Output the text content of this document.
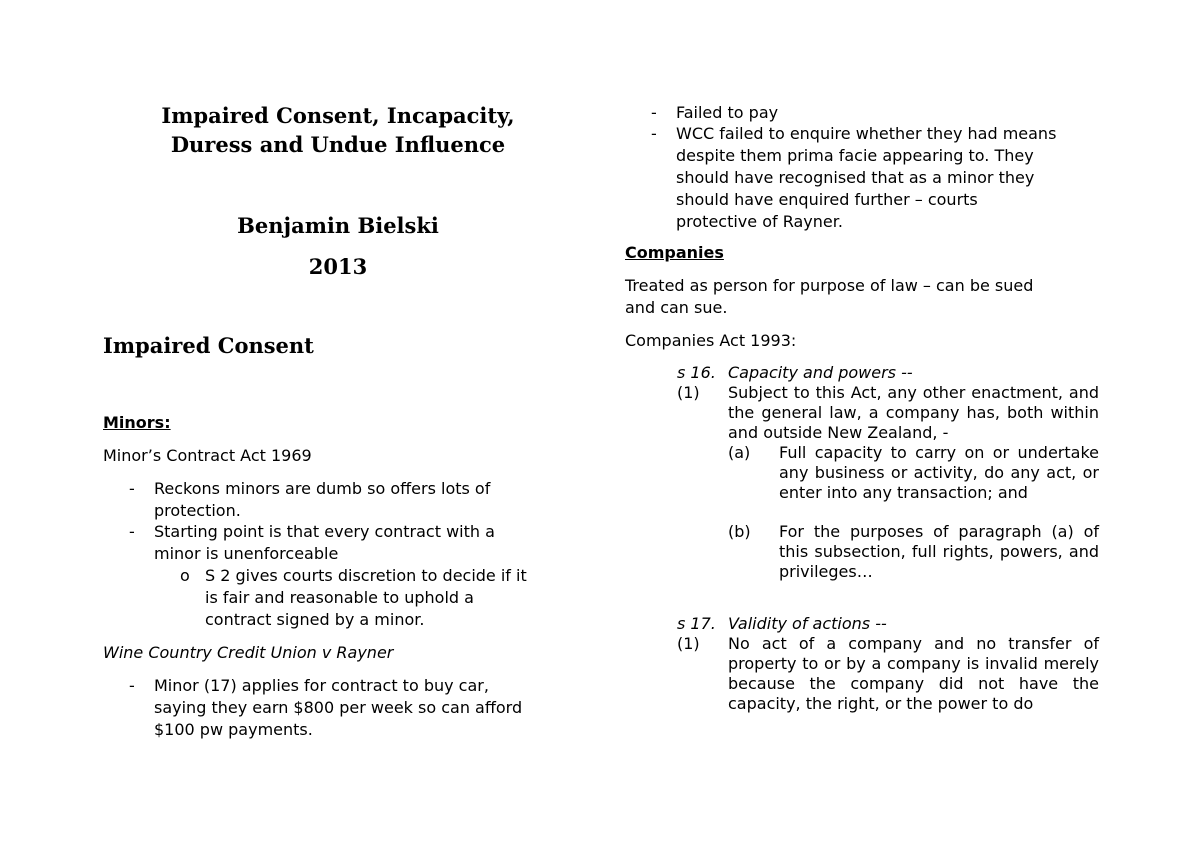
Impaired Consent, Incapacity,
Duress and Undue Influence
Benjamin Bielski
2013
Impaired Consent
Minors:
Minor’s Contract Act 1969
- Reckons minors are dumb so offers lots of
protection.
- Starting point is that every contract with a
minor is unenforceable
o S 2 gives courts discretion to decide if it
is fair and reasonable to uphold a
contract signed by a minor.
Wine Country Credit Union v Rayner
- Minor (17) applies for contract to buy car,
saying they earn $800 per week so can afford
$100 pw payments.
- Failed to pay
- WCC failed to enquire whether they had means
despite them prima facie appearing to. They
should have recognised that as a minor they
should have enquired further – courts
protective of Rayner.
Companies
Treated as person for purpose of law – can be sued
and can sue.
Companies Act 1993:
s 16. Capacity and powers --
(1) Subject to this Act, any other enactment, and the general law, a company has, both within and outside New Zealand, -
(a) Full capacity to carry on or undertake any business or activity, do any act, or enter into any transaction; and
(b) For the purposes of paragraph (a) of this subsection, full rights, powers, and privileges…
s 17. Validity of actions --
(1) No act of a company and no transfer of property to or by a company is invalid merely because the company did not have the capacity, the right, or the power to do
